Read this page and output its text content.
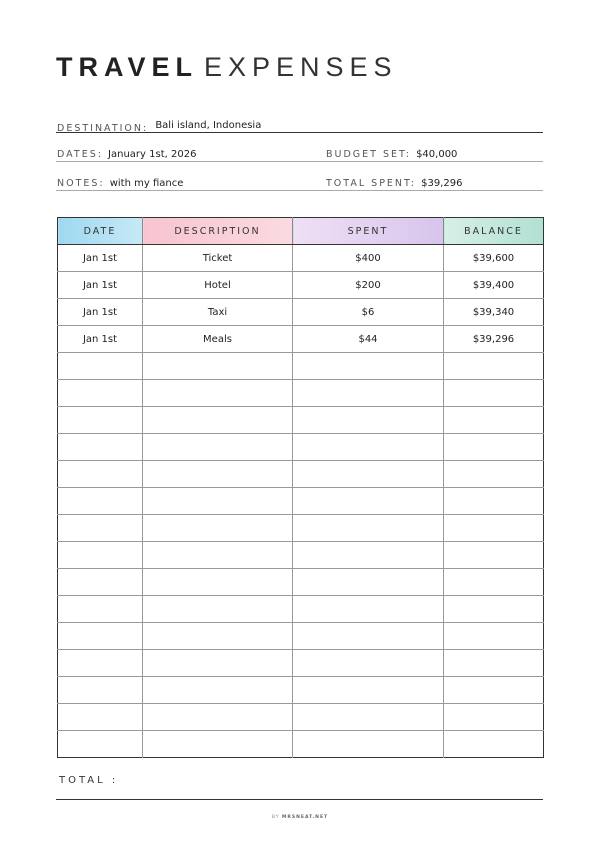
TRAVEL EXPENSES
DESTINATION: Bali island, Indonesia
DATES: January 1st, 2026	BUDGET SET: $40,000
NOTES: with my fiance	TOTAL SPENT: $39,296
DATE	DESCRIPTION	SPENT	BALANCE
Jan 1st	Ticket	$400	$39,600
Jan 1st	Hotel	$200	$39,400
Jan 1st	Taxi	$6	$39,340
Jan 1st	Meals	$44	$39,296

TOTAL :
BY MRSNEAT.NET
